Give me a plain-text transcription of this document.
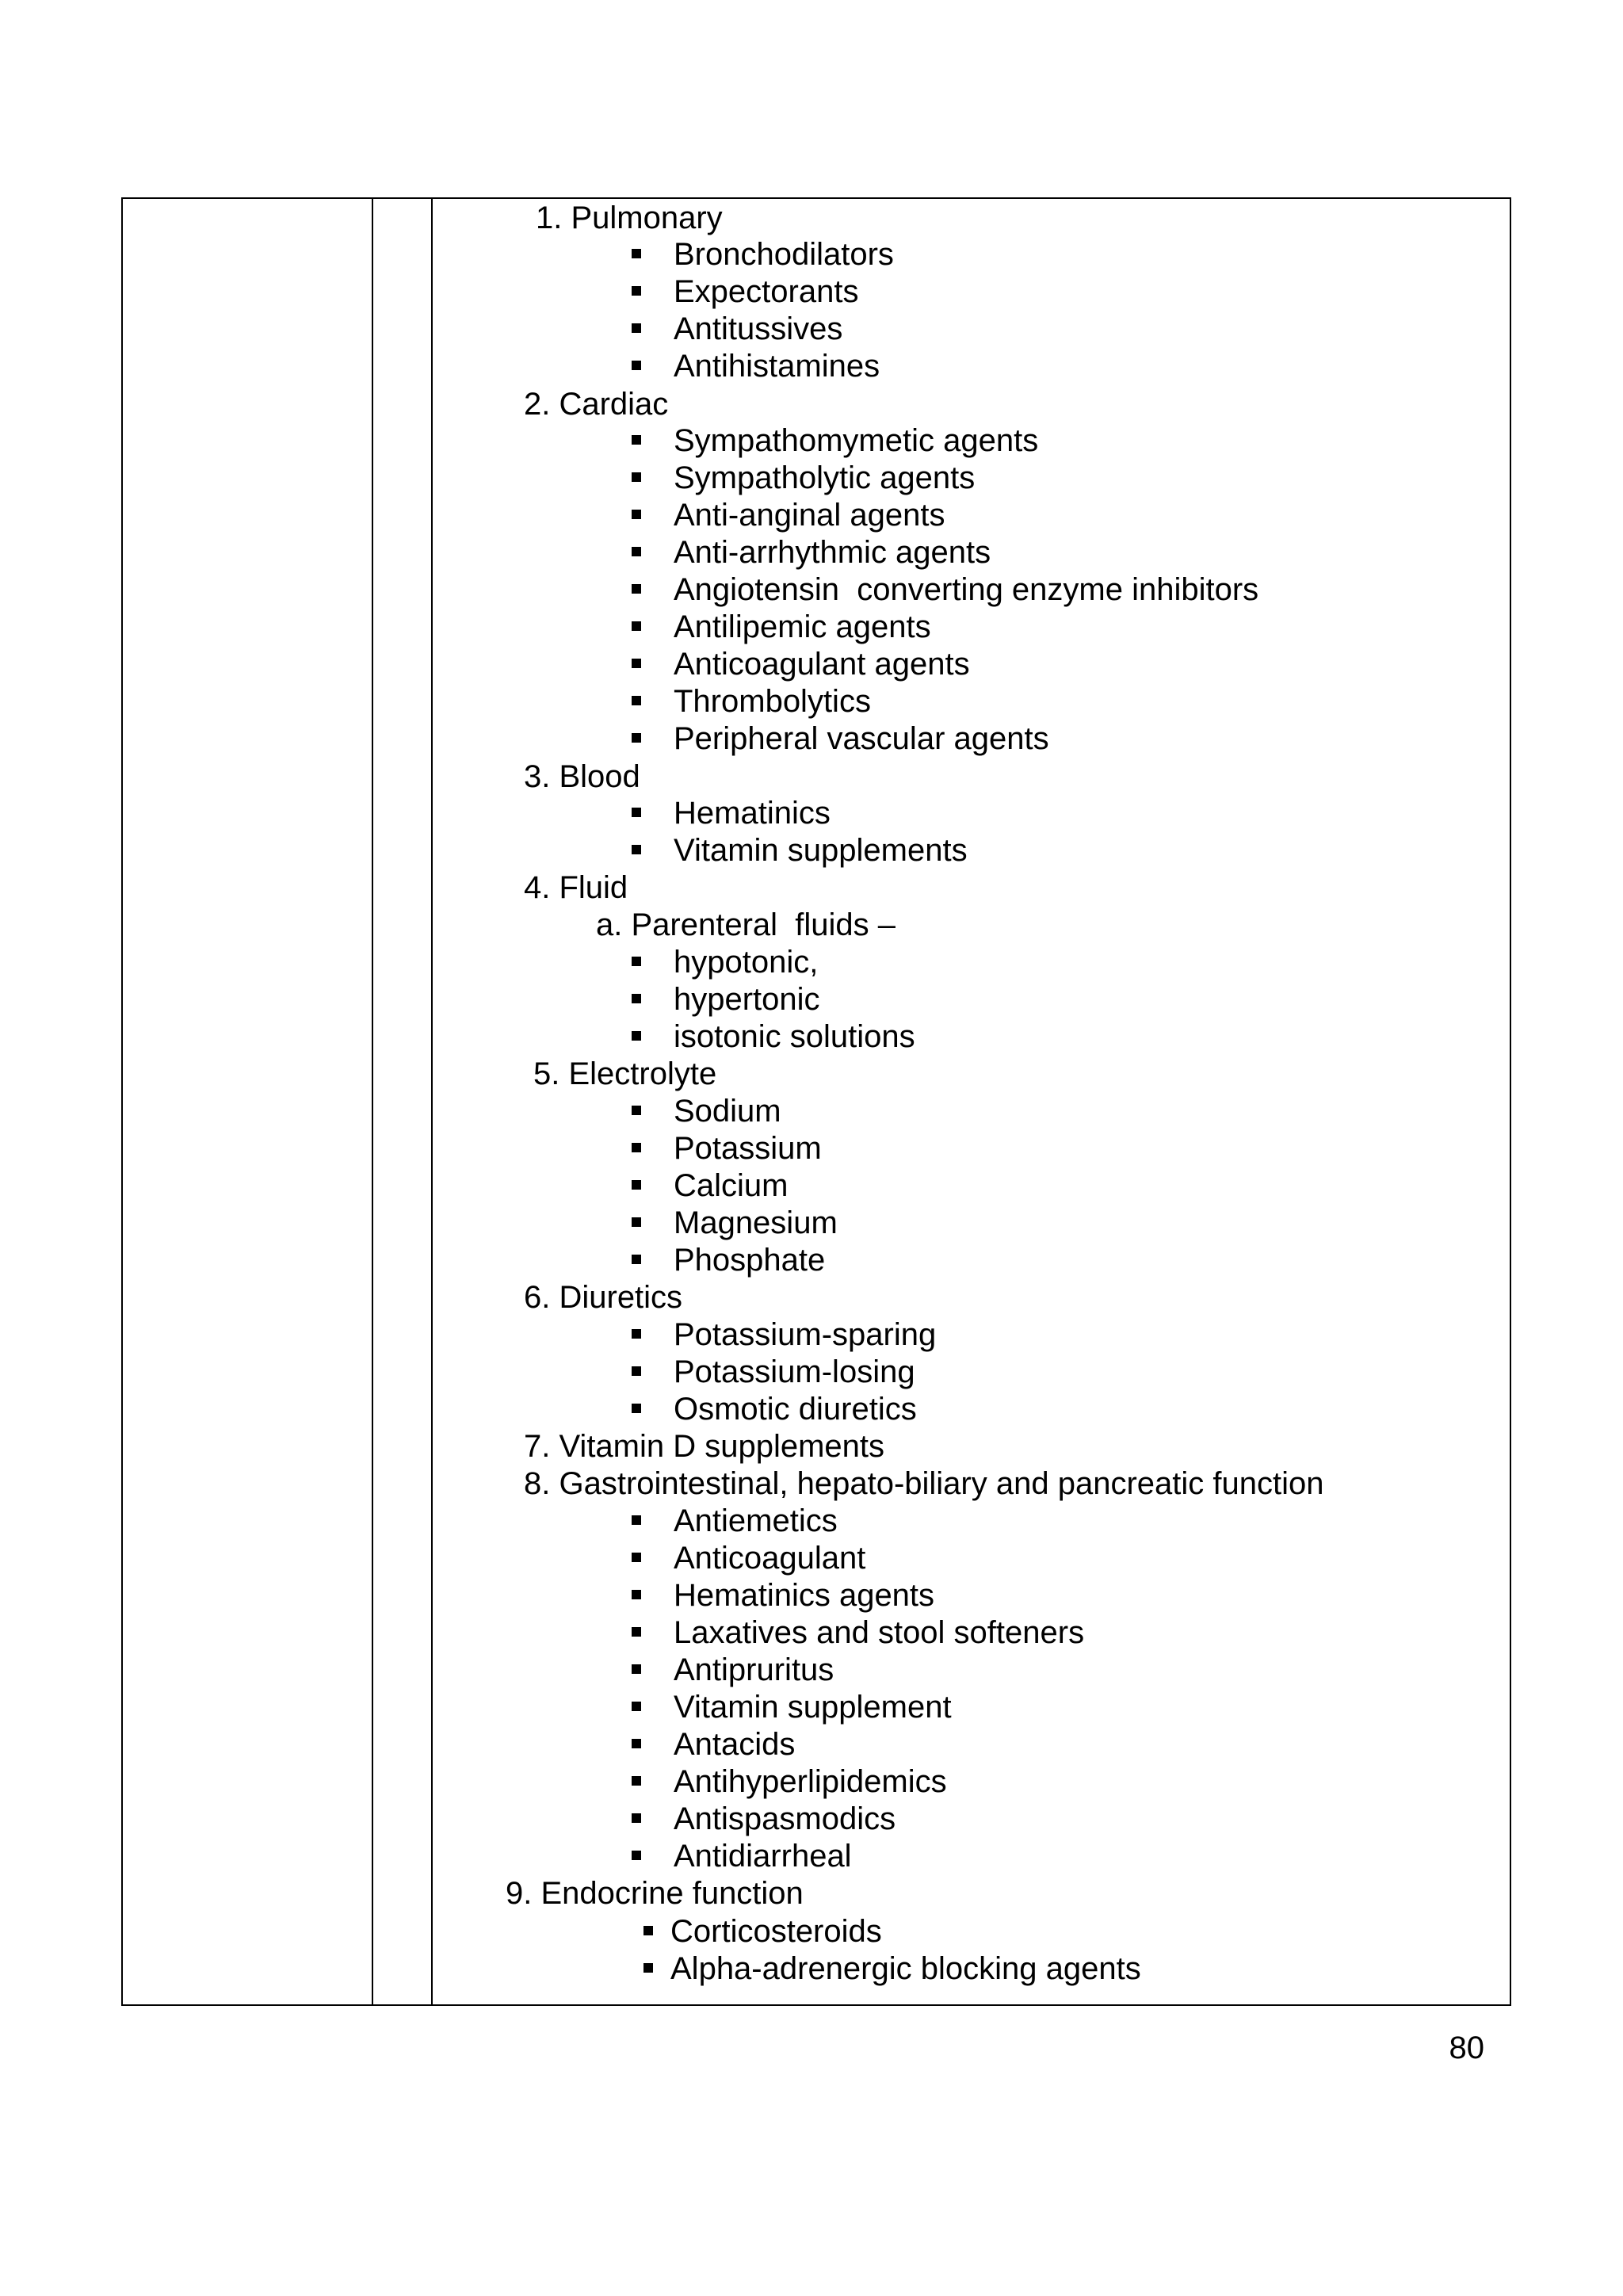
1. Pulmonary
Bronchodilators
Expectorants
Antitussives
Antihistamines
2. Cardiac
Sympathomymetic agents
Sympatholytic agents
Anti-anginal agents
Anti-arrhythmic agents
Angiotensin  converting enzyme inhibitors
Antilipemic agents
Anticoagulant agents
Thrombolytics
Peripheral vascular agents
3. Blood
Hematinics
Vitamin supplements
4. Fluid
a. Parenteral  fluids –
hypotonic,
hypertonic
isotonic solutions
5. Electrolyte
Sodium
Potassium
Calcium
Magnesium
Phosphate
6. Diuretics
Potassium-sparing
Potassium-losing
Osmotic diuretics
7. Vitamin D supplements
8. Gastrointestinal, hepato-biliary and pancreatic function
Antiemetics
Anticoagulant
Hematinics agents
Laxatives and stool softeners
Antipruritus
Vitamin supplement
Antacids
Antihyperlipidemics
Antispasmodics
Antidiarrheal
9. Endocrine function
Corticosteroids
Alpha-adrenergic blocking agents
80
